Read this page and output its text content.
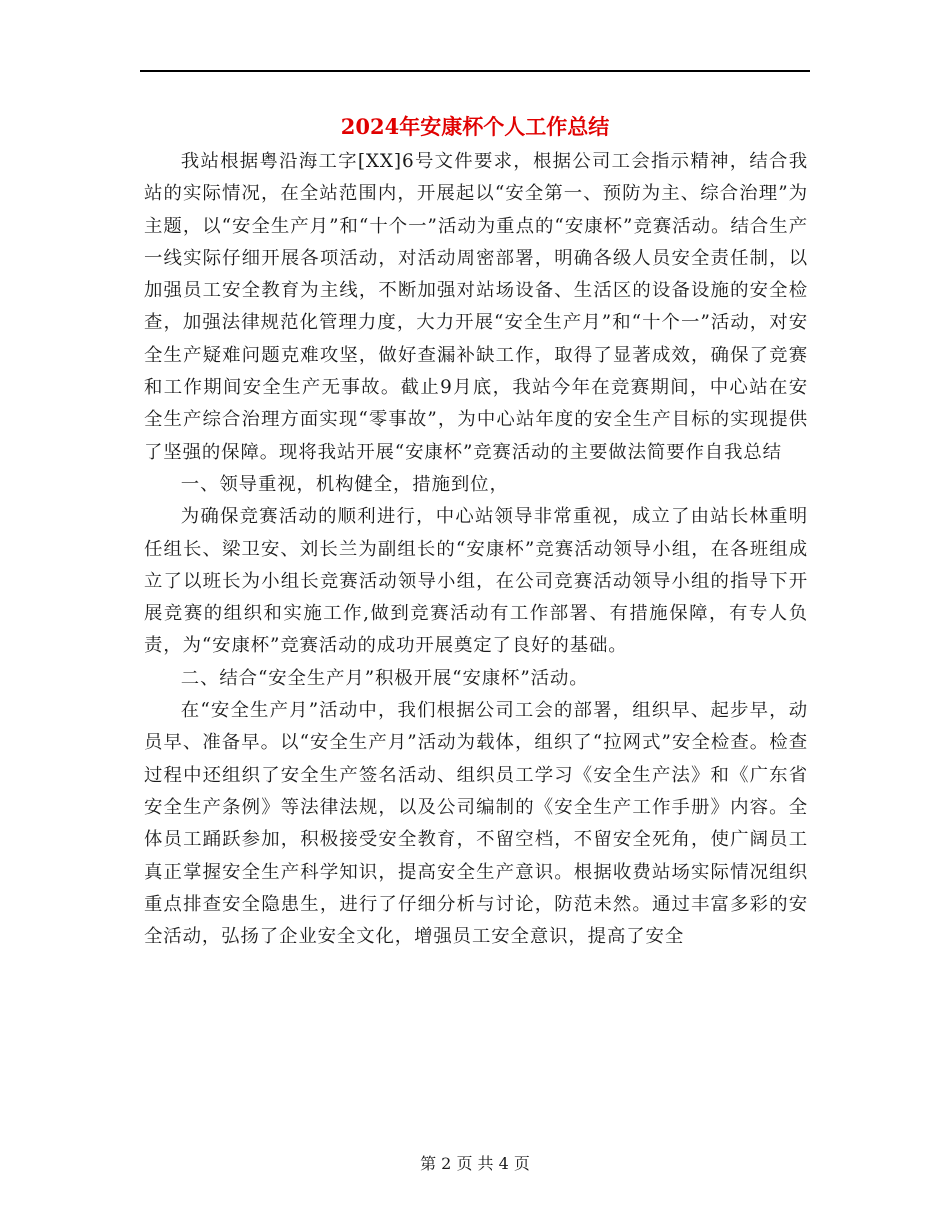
2024年安康杯个人工作总结

我站根据粤沿海工字[XX]6号文件要求，根据公司工会指示精神，结合我站的实际情况，在全站范围内，开展起以“安全第一、预防为主、综合治理”为主题，以“安全生产月”和“十个一”活动为重点的“安康杯”竞赛活动。结合生产一线实际仔细开展各项活动，对活动周密部署，明确各级人员安全责任制，以加强员工安全教育为主线，不断加强对站场设备、生活区的设备设施的安全检查，加强法律规范化管理力度，大力开展“安全生产月”和“十个一”活动，对安全生产疑难问题克难攻坚，做好查漏补缺工作，取得了显著成效，确保了竞赛和工作期间安全生产无事故。截止9月底，我站今年在竞赛期间，中心站在安全生产综合治理方面实现“零事故”，为中心站年度的安全生产目标的实现提供了坚强的保障。现将我站开展“安康杯”竞赛活动的主要做法简要作自我总结

一、领导重视，机构健全，措施到位，

为确保竞赛活动的顺利进行，中心站领导非常重视，成立了由站长林重明任组长、梁卫安、刘长兰为副组长的“安康杯”竞赛活动领导小组，在各班组成立了以班长为小组长竞赛活动领导小组，在公司竞赛活动领导小组的指导下开展竞赛的组织和实施工作,做到竞赛活动有工作部署、有措施保障，有专人负责，为“安康杯”竞赛活动的成功开展奠定了良好的基础。

二、结合“安全生产月”积极开展“安康杯”活动。

在“安全生产月”活动中，我们根据公司工会的部署，组织早、起步早，动员早、准备早。以“安全生产月”活动为载体，组织了“拉网式”安全检查。检查过程中还组织了安全生产签名活动、组织员工学习《安全生产法》和《广东省安全生产条例》等法律法规，以及公司编制的《安全生产工作手册》内容。全体员工踊跃参加，积极接受安全教育，不留空档，不留安全死角，使广阔员工真正掌握安全生产科学知识，提高安全生产意识。根据收费站场实际情况组织重点排查安全隐患生，进行了仔细分析与讨论，防范未然。通过丰富多彩的安全活动，弘扬了企业安全文化，增强员工安全意识，提高了安全

第 2 页 共 4 页
